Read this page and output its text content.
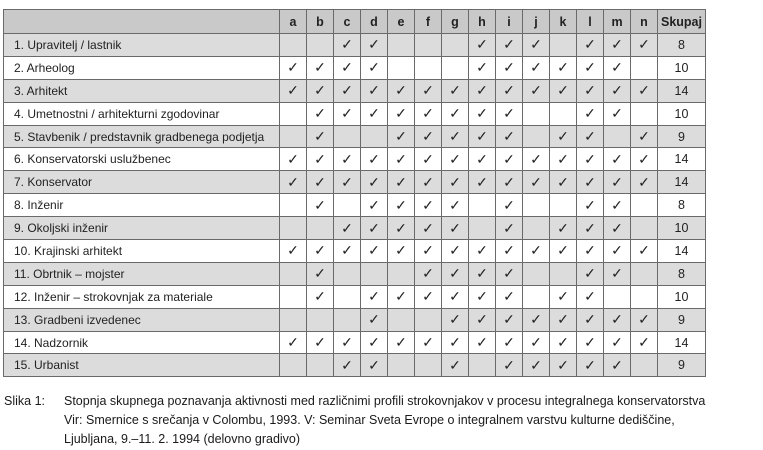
	a	b	c	d	e	f	g	h	i	j	k	l	m	n	Skupaj
1. Upravitelj / lastnik			✓	✓				✓	✓	✓		✓	✓	✓	8
2. Arheolog	✓	✓	✓	✓				✓	✓	✓	✓	✓	✓		10
3. Arhitekt	✓	✓	✓	✓	✓	✓	✓	✓	✓	✓	✓	✓	✓	✓	14
4. Umetnostni / arhitekturni zgodovinar		✓	✓	✓	✓	✓	✓	✓	✓			✓	✓		10
5. Stavbenik / predstavnik gradbenega podjetja		✓			✓	✓	✓	✓	✓		✓	✓		✓	9
6. Konservatorski uslužbenec	✓	✓	✓	✓	✓	✓	✓	✓	✓	✓	✓	✓	✓	✓	14
7. Konservator	✓	✓	✓	✓	✓	✓	✓	✓	✓	✓	✓	✓	✓	✓	14
8. Inženir		✓		✓	✓	✓	✓		✓			✓	✓		8
9. Okoljski inženir			✓	✓	✓	✓	✓		✓		✓	✓	✓		10
10. Krajinski arhitekt	✓	✓	✓	✓	✓	✓	✓	✓	✓	✓	✓	✓	✓	✓	14
11. Obrtnik – mojster		✓				✓	✓	✓	✓			✓	✓		8
12. Inženir – strokovnjak za materiale		✓		✓	✓	✓	✓	✓	✓		✓	✓			10
13. Gradbeni izvedenec				✓			✓	✓	✓	✓	✓	✓	✓	✓	9
14. Nadzornik	✓	✓	✓	✓	✓	✓	✓	✓	✓	✓	✓	✓	✓	✓	14
15. Urbanist			✓	✓			✓		✓	✓	✓	✓	✓		9
Slika 1:	Stopnja skupnega poznavanja aktivnosti med različnimi profili strokovnjakov v procesu integralnega konservatorstva
Vir: Smernice s srečanja v Colombu, 1993. V: Seminar Sveta Evrope o integralnem varstvu kulturne dediščine,
Ljubljana, 9.–11. 2. 1994 (delovno gradivo)
